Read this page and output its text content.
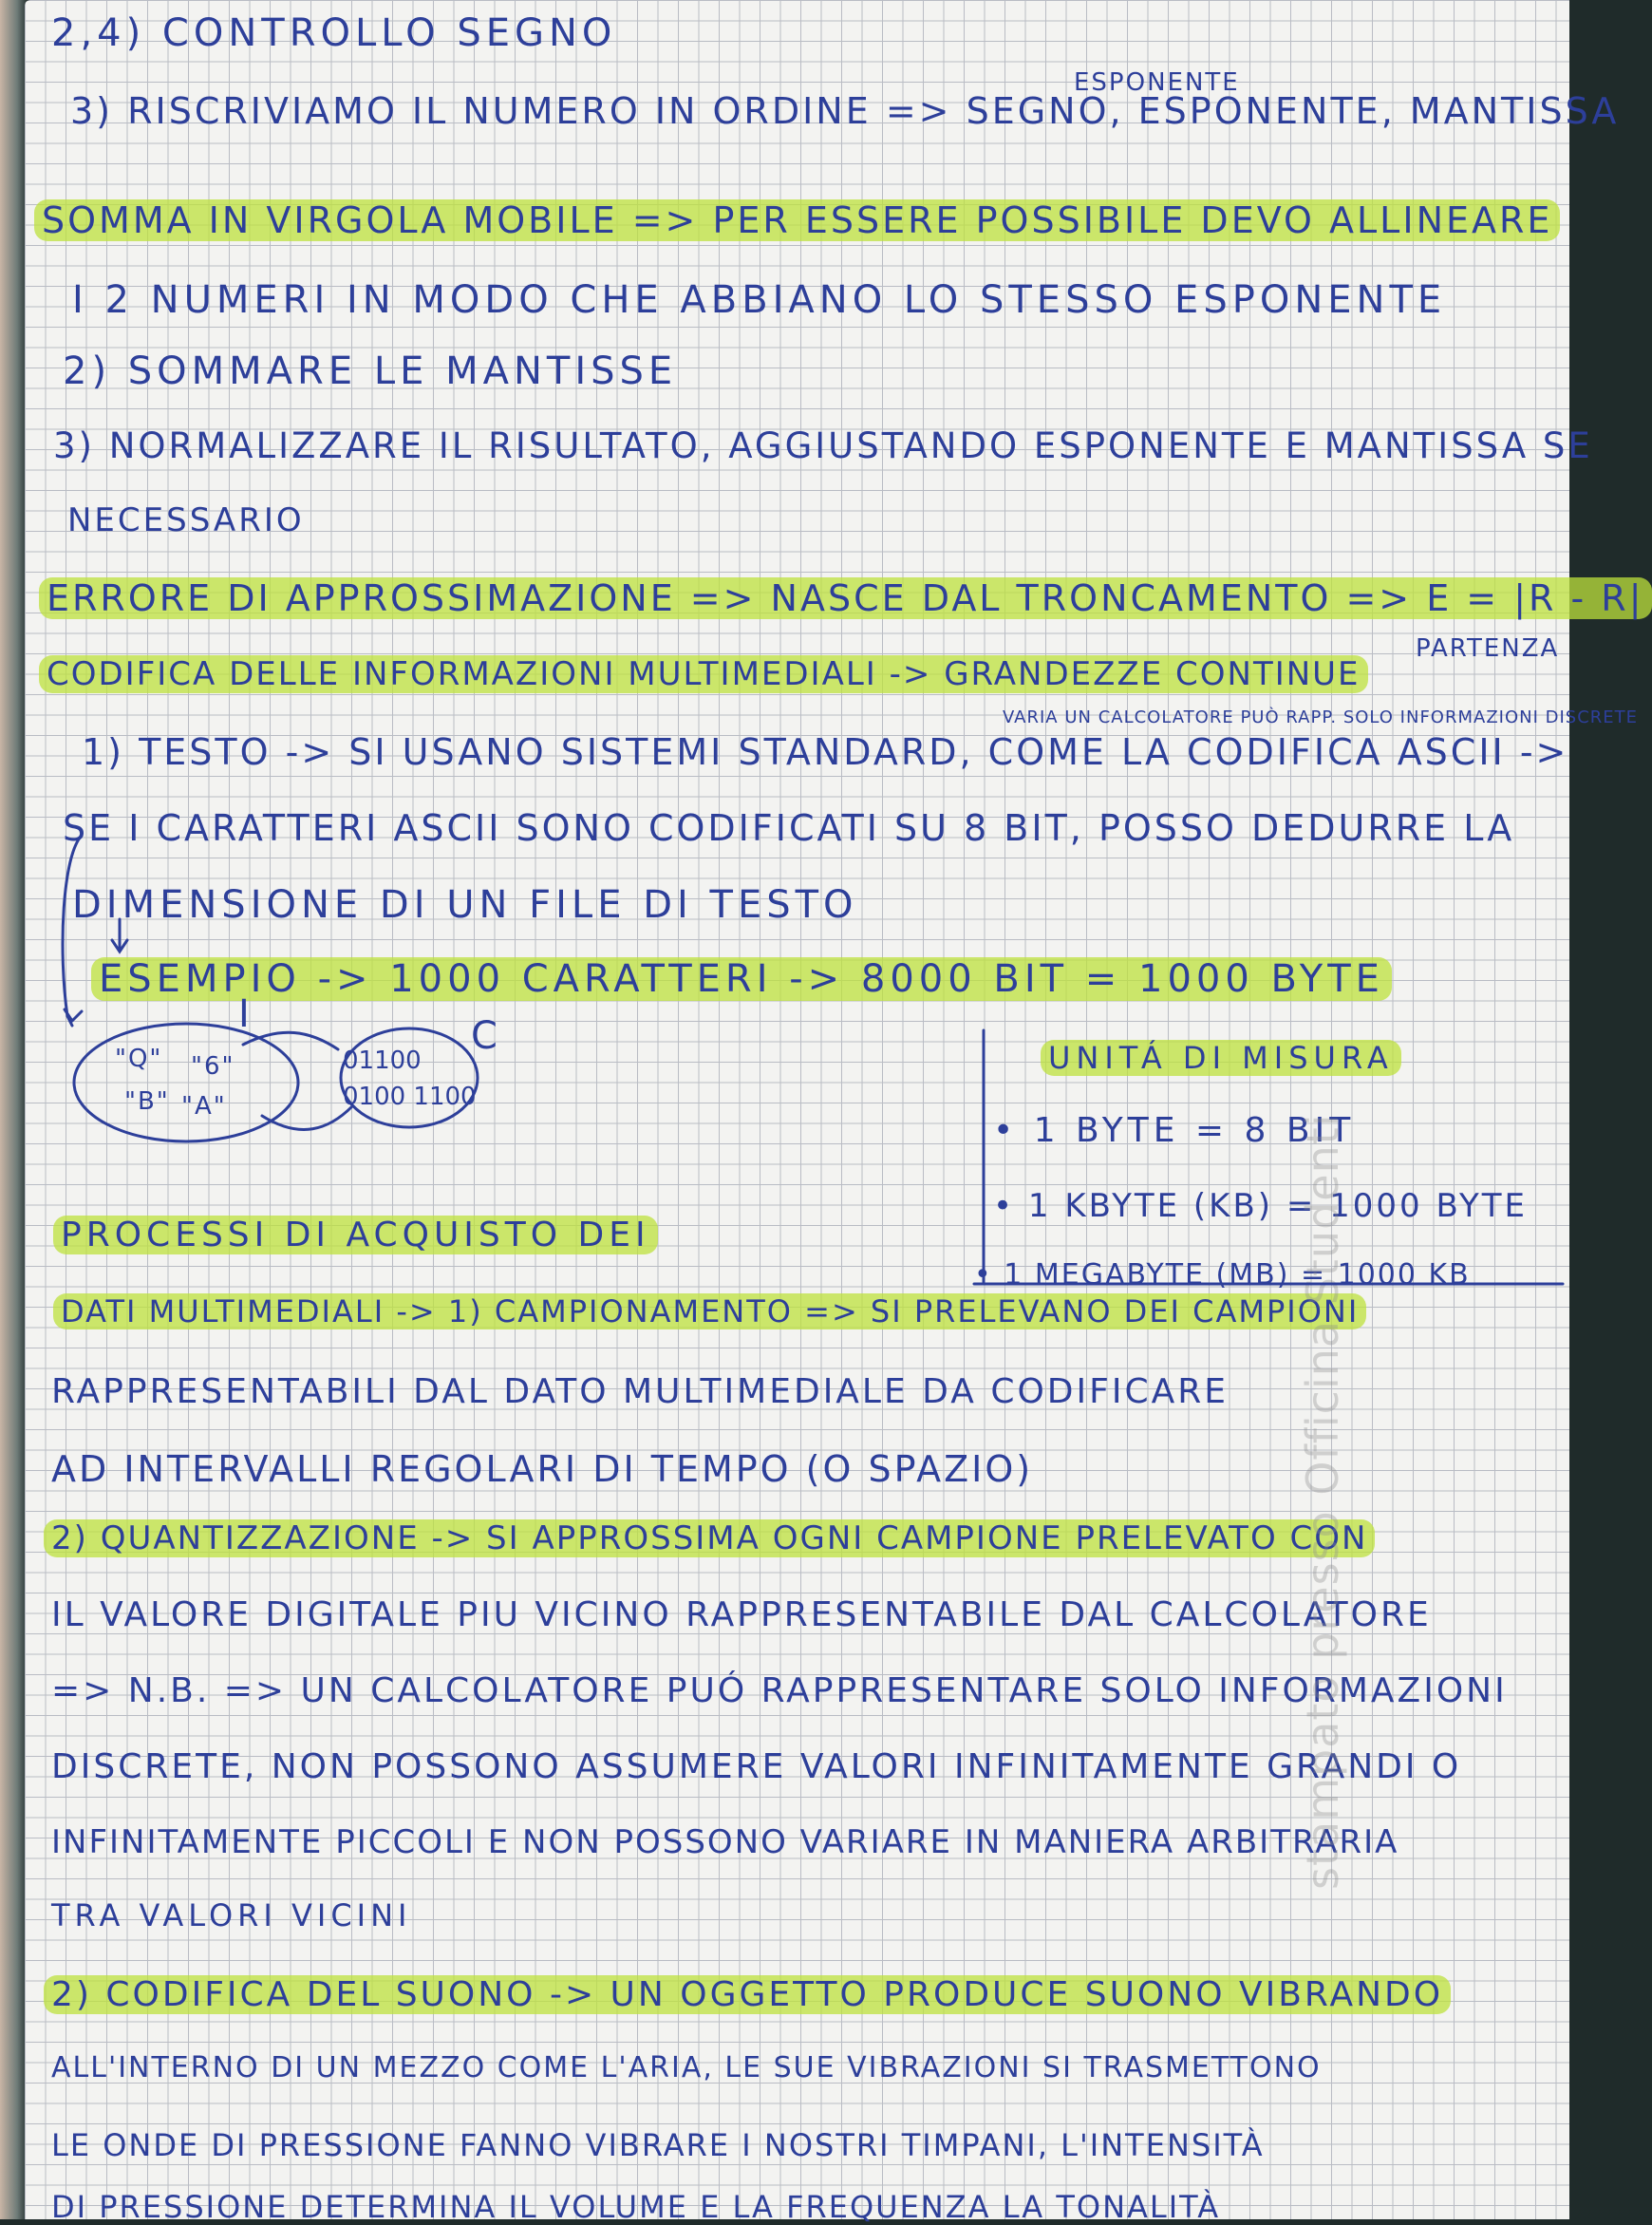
2,4) CONTROLLO SEGNO
ESPONENTE
3) RISCRIVIAMO IL NUMERO IN ORDINE => SEGNO, ESPONENTE, MANTISSA
SOMMA IN VIRGOLA MOBILE => PER ESSERE POSSIBILE DEVO ALLINEARE
I 2 NUMERI IN MODO CHE ABBIANO LO STESSO ESPONENTE
2) SOMMARE LE MANTISSE
3) NORMALIZZARE IL RISULTATO, AGGIUSTANDO ESPONENTE E MANTISSA SE
NECESSARIO
ERRORE DI APPROSSIMAZIONE => NASCE DAL TRONCAMENTO => Ε = |R - R|
PARTENZA
CODIFICA DELLE INFORMAZIONI MULTIMEDIALI -> GRANDEZZE CONTINUE
VARIA UN CALCOLATORE PUÒ RAPP. SOLO INFORMAZIONI DISCRETE
1) TESTO -> SI USANO SISTEMI STANDARD, COME LA CODIFICA ASCII ->
SE I CARATTERI ASCII SONO CODIFICATI SU 8 BIT, POSSO DEDURRE LA
DIMENSIONE DI UN FILE DI TESTO
ESEMPIO -> 1000 CARATTERI -> 8000 BIT = 1000 BYTE
I	C
"Q" "6"
"B" "A"
01100
0100 1100
UNITÁ DI MISURA
• 1 BYTE = 8 BIT
• 1 KBYTE (KB) = 1000 BYTE
• 1 MEGABYTE (MB) = 1000 KB
PROCESSI DI ACQUISTO DEI
DATI MULTIMEDIALI -> 1) CAMPIONAMENTO => SI PRELEVANO DEI CAMPIONI
RAPPRESENTABILI DAL DATO MULTIMEDIALE DA CODIFICARE
AD INTERVALLI REGOLARI DI TEMPO (O SPAZIO)
2) QUANTIZZAZIONE -> SI APPROSSIMA OGNI CAMPIONE PRELEVATO CON
IL VALORE DIGITALE PIU VICINO RAPPRESENTABILE DAL CALCOLATORE
=> N.B. => UN CALCOLATORE PUÓ RAPPRESENTARE SOLO INFORMAZIONI
DISCRETE, NON POSSONO ASSUMERE VALORI INFINITAMENTE GRANDI O
INFINITAMENTE PICCOLI E NON POSSONO VARIARE IN MANIERA ARBITRARIA
TRA VALORI VICINI
2) CODIFICA DEL SUONO -> UN OGGETTO PRODUCE SUONO VIBRANDO
ALL'INTERNO DI UN MEZZO COME L'ARIA, LE SUE VIBRAZIONI SI TRASMETTONO
LE ONDE DI PRESSIONE FANNO VIBRARE I NOSTRI TIMPANI, L'INTENSITÀ
DI PRESSIONE DETERMINA IL VOLUME E LA FREQUENZA LA TONALITÀ
stampato presso Officina Studenti
